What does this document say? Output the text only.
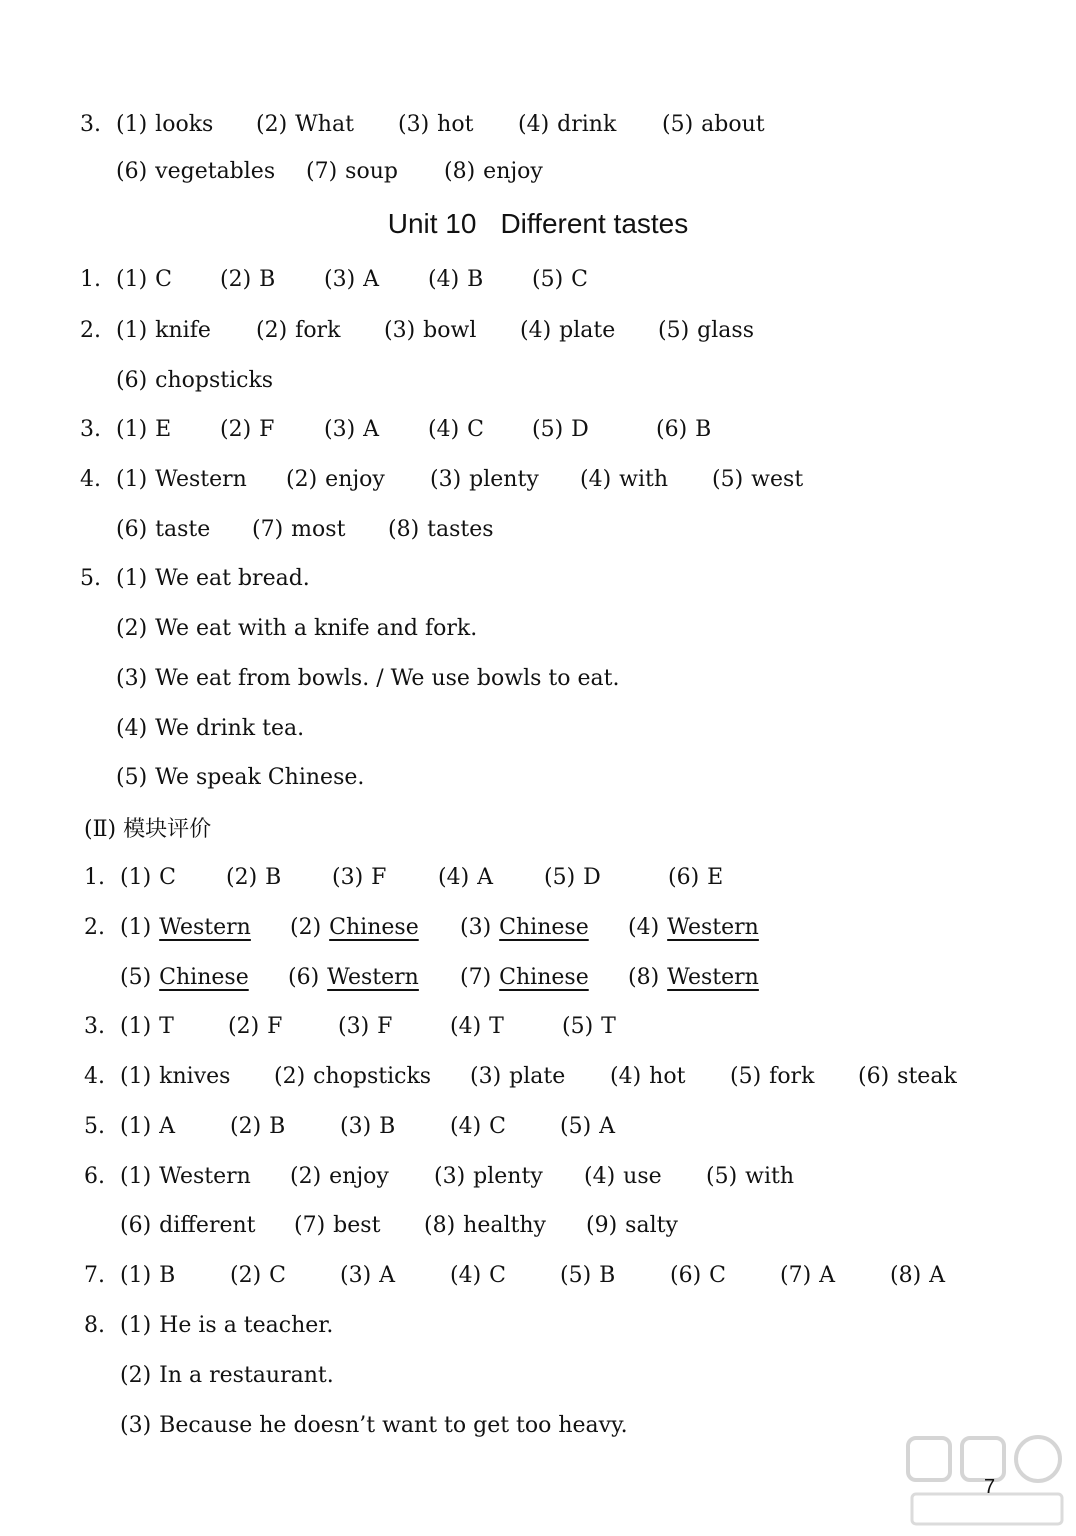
3. (1) looks	(2) What	(3) hot	(4) drink	(5) about
(6) vegetables	(7) soup	(8) enjoy
Unit 10 Different tastes
1. (1) C	(2) B	(3) A	(4) B	(5) C
2. (1) knife	(2) fork	(3) bowl	(4) plate	(5) glass
(6) chopsticks
3. (1) E	(2) F	(3) A	(4) C	(5) D	(6) B
4. (1) Western	(2) enjoy	(3) plenty	(4) with	(5) west
(6) taste	(7) most	(8) tastes
5. (1) We eat bread.
(2) We eat with a knife and fork.
(3) We eat from bowls. / We use bowls to eat.
(4) We drink tea.
(5) We speak Chinese.
(Ⅱ) 模块评价
1. (1) C	(2) B	(3) F	(4) A	(5) D	(6) E
2. (1) Western	(2) Chinese	(3) Chinese	(4) Western
(5) Chinese	(6) Western	(7) Chinese	(8) Western
3. (1) T	(2) F	(3) F	(4) T	(5) T
4. (1) knives	(2) chopsticks	(3) plate	(4) hot	(5) fork	(6) steak
5. (1) A	(2) B	(3) B	(4) C	(5) A
6. (1) Western	(2) enjoy	(3) plenty	(4) use	(5) with
(6) different	(7) best	(8) healthy	(9) salty
7. (1) B	(2) C	(3) A	(4) C	(5) B	(6) C	(7) A	(8) A
8. (1) He is a teacher.
(2) In a restaurant.
(3) Because he doesn’t want to get too heavy.
7
